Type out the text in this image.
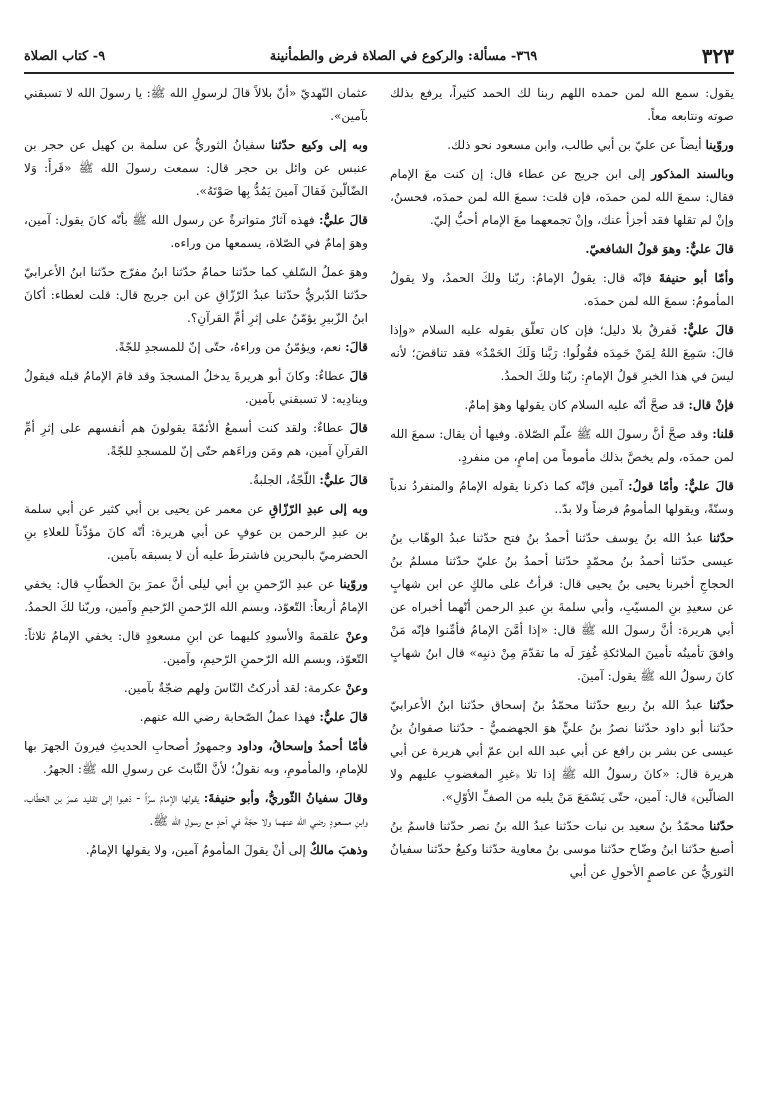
٣٢٣
٣٦٩- مسألة: والركوع في الصلاة فرض والطمأنينة
٩- كتاب الصلاة

يقول: سمع الله لمن حمده اللهم ربنا لك الحمد كثيراً، يرفع بذلك صوته ونتابعه معاً.

وروّينا أيضاً عن عليّ بن أبي طالب، وابن مسعود نحو ذلك.

وبالسند المذكور إلى ابن جريج عن عطاء قال: إن كنت معَ الإمام فقال: سمعَ الله لمن حمدَه، فإن قلت: سمعَ الله لمن حمدَه، فحسنٌ، وإنْ لم تقلها فقد أجزأ عنك، وإنْ تجمعهما معَ الإمام أحبُّ إليّ.

قالَ عليٌّ: وهوَ قولُ الشافعيّ.

وأمّا أبو حنيفةَ فإنّه قال: يقولُ الإمامُ: ربّنا ولكَ الحمدُ، ولا يقولُ المأمومُ: سمعَ الله لمن حمدَه.

قالَ عليٌّ: فَفرقٌ بلا دليل؛ فإن كان تعلّق بقوله عليه السلام «وإذا قالَ: سَمِعَ اللهُ لِمَنْ حَمِدَه فقُولُوا: رَبَّنا وَلَكَ الحَمْدُ» فقد تناقضَ؛ لأنه ليسَ في هذا الخبرِ قولُ الإمامِ: ربّنا ولكَ الحمدُ.

فإنْ قال: قد صحَّ أنّه عليه السلام كان يقولها وهوَ إمامٌ.

قلنا: وقد صحَّ أنَّ رسولَ الله ﷺ علّم الصّلاة. وفيها أن يقال: سمعَ الله لمن حمدَه، ولم يخصَّ بذلك مأموماً من إمامٍ، من منفردٍ.

قالَ عليٌّ: وأمّا قولُ: آمين فإنّه كما ذكرنا يقوله الإمامُ والمنفردُ ندباً وسنّةً، ويقولها المأمومُ فرضاً ولا بدّ..

حدّثنا عبدُ الله بنُ يوسف حدّثنا أحمدُ بنُ فتح حدّثنا عبدُ الوهّاب بنُ عيسى حدّثنا أحمدُ بنُ محمّدٍ حدّثنا أحمدُ بنُ عليّ حدّثنا مسلمُ بنُ الحجاجِ أخبرنا يحيى بنُ يحيى قال: قرأتُ على مالكٍ عن ابن شهابٍ عن سعيدِ بنِ المسيّبِ، وأبي سلمةَ بنِ عبدِ الرحمن أنّهما أخبراه عن أبي هريرة: أنَّ رسولَ الله ﷺ قال: «إذا أمَّنَ الإمامُ فأمِّنوا فإنّه مَنْ وافقَ تأمينُه تأمينَ الملائكةِ غُفِرَ لَه ما تقدّمَ مِنْ ذنبِه» قال ابنُ شهابٍ كانَ رسولُ الله ﷺ يقول: آمينَ.

حدّثنا عبدُ الله بنُ ربيع حدّثنا محمّدُ بنُ إسحاق حدّثنا ابنُ الأعرابيّ حدّثنا أبو داود حدّثنا نصرُ بنُ عليٍّ هوَ الجهضميُّ - حدّثنا صفوانُ بنُ عيسى عن بشر بن رافع عن أبي عبد الله ابن عمّ أبي هريرة عن أبي هريرة قال: «كانَ رسولُ الله ﷺ إذا تلا ﴿غيرِ المغضوبِ عليهم ولا الضالّين﴾ قال: آمين، حتّى يَسْمَعَ مَنْ يليه من الصفِّ الأوّلِ».

حدّثنا محمّدُ بنُ سعيد بن نبات حدّثنا عبدُ الله بنُ نصر حدّثنا قاسمُ بنُ أصبغ حدّثنا ابنُ وضّاح حدّثنا موسى بنُ معاوية حدّثنا وكيعٌ حدّثنا سفيانُ الثوريُّ عن عاصمٍ الأحولِ عن أبي

عثمان النّهديّ «أنّ بلالاً قالَ لرسولِ الله ﷺ: يا رسولَ الله لا تسبقني بآمين».

وبه إلى وكيع حدّثنا سفيانُ الثوريُّ عن سلمة بن كهيل عن حجر بن عنبس عن وائل بن حجر قال: سمعت رسولَ الله ﷺ «قَرأَ: وَلا الضّالّينَ فَقالَ آمينَ يَمُدُّ بِها صَوْتَهُ».

قالَ عليٌّ: فهذه آثارٌ متواترةٌ عن رسول الله ﷺ بأنّه كانَ يقول: آمين، وهوَ إمامٌ في الصّلاة، يسمعها من وراءه.

وهوَ عملُ السّلفِ كما حدّثنا حمامٌ حدّثنا ابنُ مفرّج حدّثنا ابنُ الأعرابيّ حدّثنا الدّبريُّ حدّثنا عبدُ الرّزّاقِ عن ابن جريج قال: قلت لعطاء: أكانَ ابنُ الزّبيرِ يؤمّنُ على إثرِ أمِّ القرآنِ؟.

قالَ: نعم، ويؤمّنُ من وراءهُ، حتّى إنّ للمسجدِ للجّةً.

قالَ عطاءٌ: وكانَ أبو هريرةَ يدخلُ المسجدَ وقد قامَ الإمامُ قبله فيقولُ وينادِيه: لا تسبقني بآمين.

قالَ عطاءٌ: ولقد كنت أسمعُ الأئمّةَ يقولونَ هم أنفسهم على إثرِ أمِّ القرآنِ آمين، هم ومَن وراءَهم حتّى إنّ للمسجدِ للجّةً.

قالَ عليٌّ: اللّجّةُ، الجلبةُ.

وبه إلى عبدِ الرّزّاقِ عن معمر عن يحيى بن أبي كثير عن أبي سلمة بن عبدِ الرحمن بن عوفٍ عن أبي هريرة: أنّه كانَ مؤذّناً للعلاءِ بنِ الحضرميّ بالبحرين فاشترطَ عليه أن لا يسبقه بآمين.

وروّينا عن عبدِ الرّحمنِ بنِ أبي ليلى أنَّ عمرَ بنَ الخطّابِ قال: يخفي الإمامُ أربعاً: التّعوّذ، وبسم الله الرّحمنِ الرّحيمِ وآمين، وربّنا لكَ الحمدُ.

وعنْ علقمةَ والأسودِ كليهما عن ابنِ مسعودٍ قال: يخفي الإمامُ ثلاثاً: التّعوّذ، وبسم الله الرّحمنِ الرّحيمِ، وآمين.

وعنْ عكرمة: لقد أدركتُ النّاسَ ولهم ضجّةٌ بآمين.

قالَ عليٌّ: فهذا عملُ الصّحابة رضي الله عنهم.

فأمّا أحمدُ وإسحاقُ، وداود وجمهورُ أصحابِ الحديثِ فيرونَ الجهرَ بها للإمامِ، والمأمومِ، وبه نقولُ؛ لأنَّ الثّابتَ عن رسولِ الله ﷺ: الجهرُ.

وقالَ سفيانُ الثّوريُّ، وأبو حنيفةَ: يقولها الإمامُ سرّاً - ذهبوا إلى تقليد عمرَ بن الخطّاب، وابنِ مسعودٍ رضي الله عنهما ولا حجّةَ في أحدٍ مع رسولِ الله ﷺ.

وذهبَ مالكٌ إلى أنْ يقولَ المأمومُ آمين، ولا يقولها الإمامُ.
